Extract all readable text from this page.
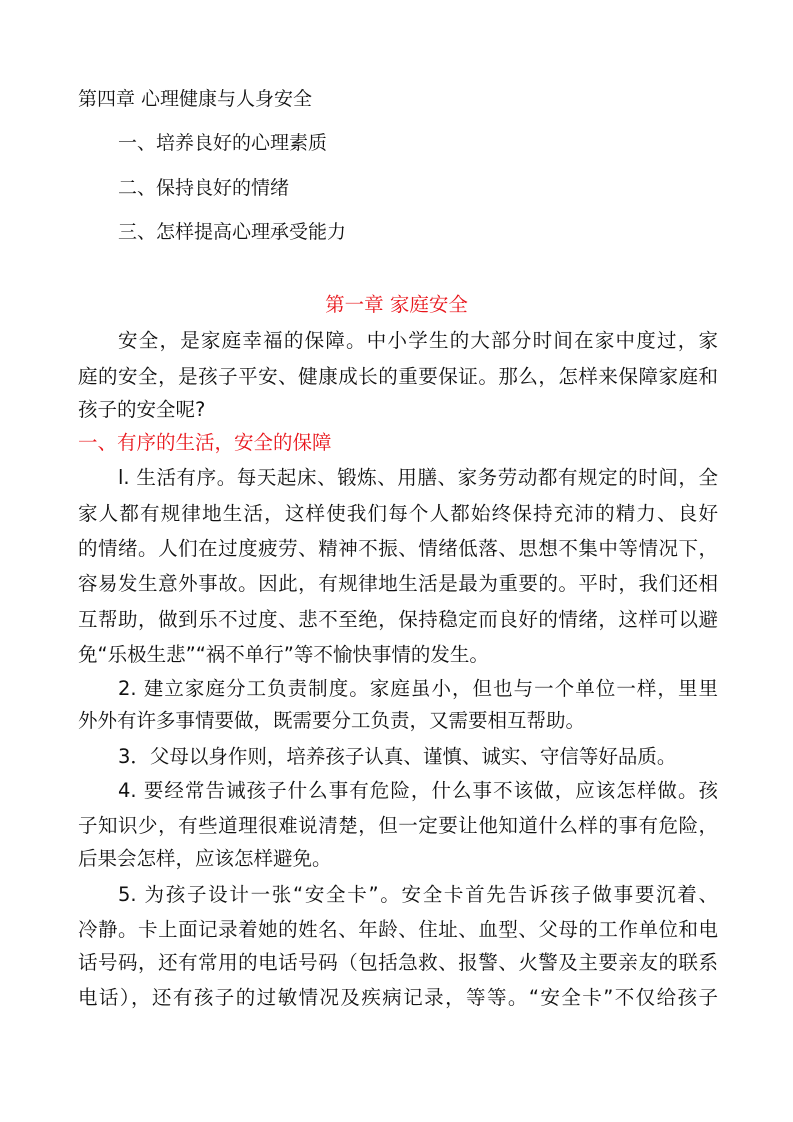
第四章 心理健康与人身安全
一、培养良好的心理素质
二、保持良好的情绪
三、怎样提高心理承受能力
第一章 家庭安全
安全，是家庭幸福的保障。中小学生的大部分时间在家中度过，家
庭的安全，是孩子平安、健康成长的重要保证。那么，怎样来保障家庭和
孩子的安全呢?
一、有序的生活，安全的保障
l. 生活有序。每天起床、锻炼、用膳、家务劳动都有规定的时间，全
家人都有规律地生活，这样使我们每个人都始终保持充沛的精力、良好
的情绪。人们在过度疲劳、精神不振、情绪低落、思想不集中等情况下，
容易发生意外事故。因此，有规律地生活是最为重要的。平时，我们还相
互帮助，做到乐不过度、悲不至绝，保持稳定而良好的情绪，这样可以避
免“乐极生悲”“祸不单行”等不愉快事情的发生。
2. 建立家庭分工负责制度。家庭虽小，但也与一个单位一样，里里
外外有许多事情要做，既需要分工负责，又需要相互帮助。
3．父母以身作则，培养孩子认真、谨慎、诚实、守信等好品质。
4. 要经常告诫孩子什么事有危险，什么事不该做，应该怎样做。孩
子知识少，有些道理很难说清楚，但一定要让他知道什么样的事有危险，
后果会怎样，应该怎样避免。
5. 为孩子设计一张“安全卡”。安全卡首先告诉孩子做事要沉着、
冷静。卡上面记录着她的姓名、年龄、住址、血型、父母的工作单位和电
话号码，还有常用的电话号码（包括急救、报警、火警及主要亲友的联系
电话），还有孩子的过敏情况及疾病记录，等等。“安全卡”不仅给孩子
